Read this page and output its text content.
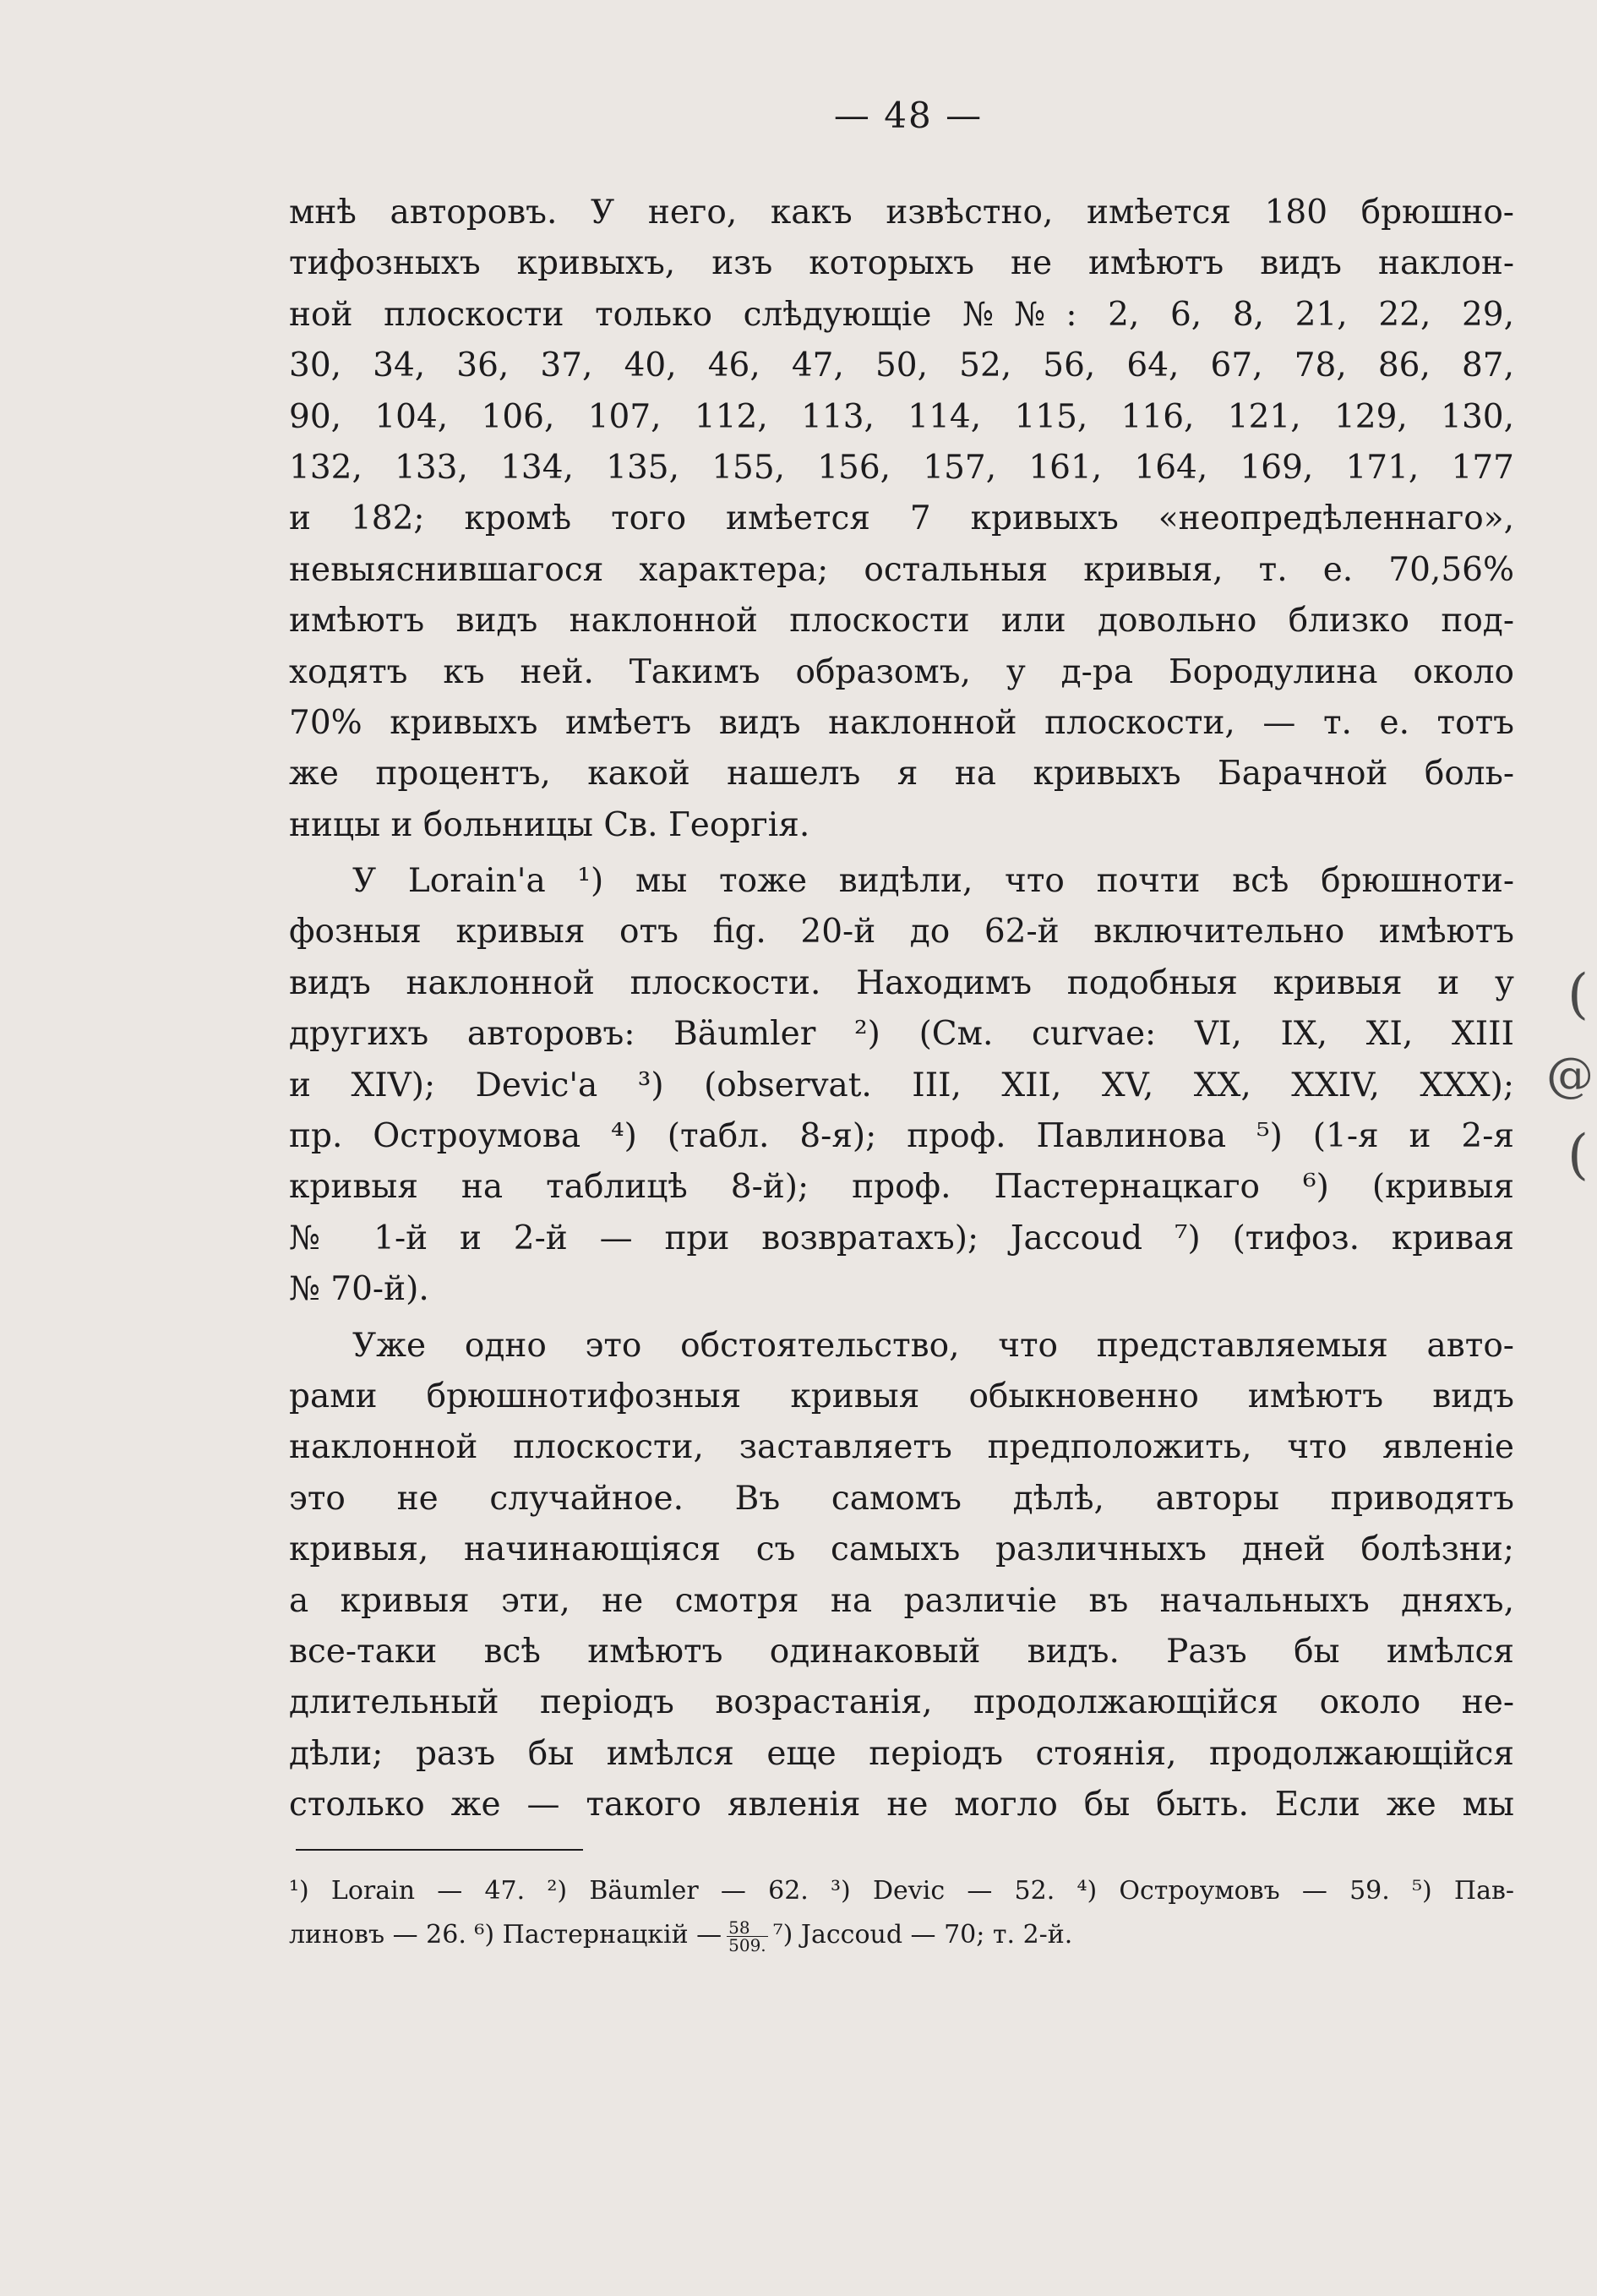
— 48 —
мнѣ авторовъ. У него, какъ извѣстно, имѣется 180 брюшно-
тифозныхъ кривыхъ, изъ которыхъ не имѣютъ видъ наклон-
ной плоскости только слѣдующіе №№: 2, 6, 8, 21, 22, 29,
30, 34, 36, 37, 40, 46, 47, 50, 52, 56, 64, 67, 78, 86, 87,
90, 104, 106, 107, 112, 113, 114, 115, 116, 121, 129, 130,
132, 133, 134, 135, 155, 156, 157, 161, 164, 169, 171, 177
и 182; кромѣ того имѣется 7 кривыхъ «неопредѣленнаго»,
невыяснившагося характера; остальныя кривыя, т. е. 70,56%
имѣютъ видъ наклонной плоскости или довольно близко под-
ходятъ къ ней. Такимъ образомъ, у д-ра Бородулина около
70% кривыхъ имѣетъ видъ наклонной плоскости, — т. е. тотъ
же процентъ, какой нашелъ я на кривыхъ Барачной боль-
ницы и больницы Св. Георгія.
У Lorain'а ¹) мы тоже видѣли, что почти всѣ брюшноти-
фозныя кривыя отъ fig. 20-й до 62-й включительно имѣютъ
видъ наклонной плоскости. Находимъ подобныя кривыя и у
другихъ авторовъ: Bäumler ²) (См. curvae: VI, IX, XI, XIII
и XIV); Devic'а ³) (observat. III, XII, XV, XX, XXIV, XXX);
пр. Остроумова ⁴) (табл. 8-я); проф. Павлинова ⁵) (1-я и 2-я
кривыя на таблицѣ 8-й); проф. Пастернацкаго ⁶) (кривыя
№ 1-й и 2-й — при возвратахъ); Jaccoud ⁷) (тифоз. кривая
№ 70-й).
Уже одно это обстоятельство, что представляемыя авто-
рами брюшнотифозныя кривыя обыкновенно имѣютъ видъ
наклонной плоскости, заставляетъ предположить, что явленіе
это не случайное. Въ самомъ дѣлѣ, авторы приводятъ
кривыя, начинающіяся съ самыхъ различныхъ дней болѣзни;
а кривыя эти, не смотря на различіе въ начальныхъ дняхъ,
все-таки всѣ имѣютъ одинаковый видъ. Разъ бы имѣлся
длительный періодъ возрастанія, продолжающійся около не-
дѣли; разъ бы имѣлся еще періодъ стоянія, продолжающійся
столько же — такого явленія не могло бы быть. Если же мы
¹) Lorain — 47. ²) Bäumler — 62. ³) Devic — 52. ⁴) Остроумовъ — 59. ⁵) Пав-
линовъ — 26. ⁶) Пастернацкій — $\frac{58}{509.} ^7$) Jaccoud — 70; т. 2-й.
(
@
(
